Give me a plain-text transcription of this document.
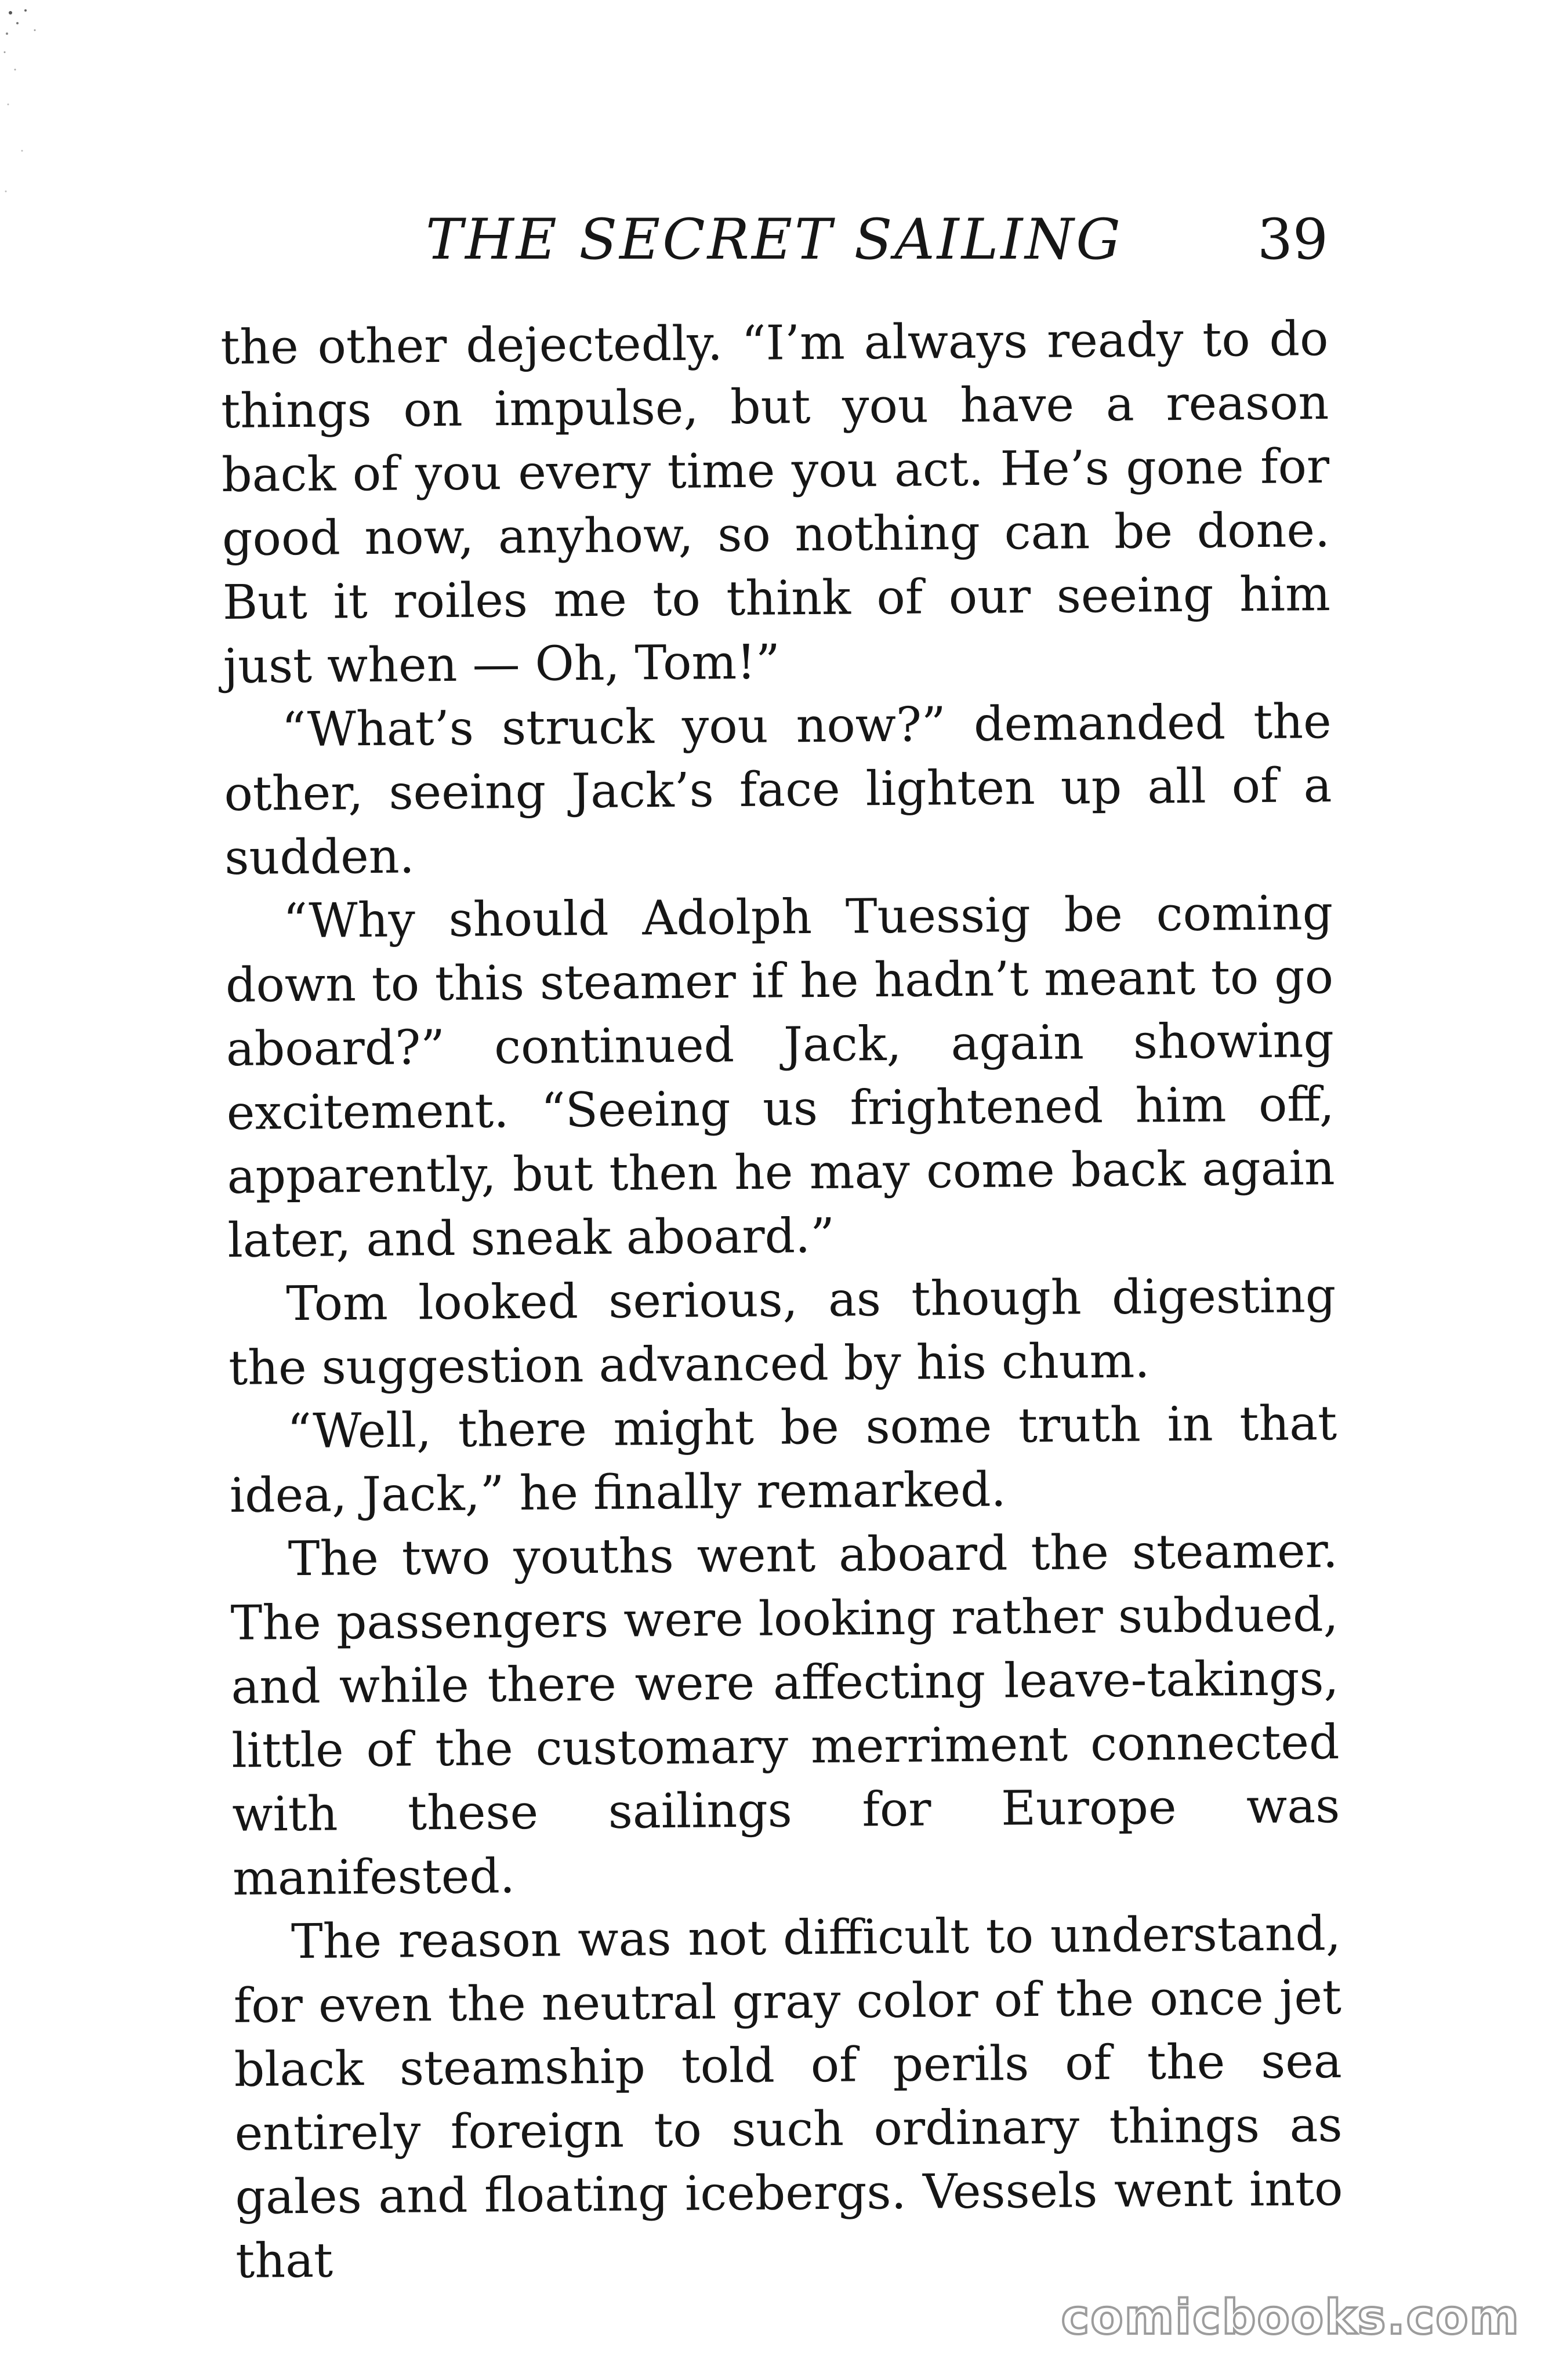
THE SECRET SAILING	39

the other dejectedly. “I’m always ready to do things on impulse, but you have a reason back of you every time you act. He’s gone for good now, anyhow, so nothing can be done. But it roiles me to think of our seeing him just when — Oh, Tom!”

“What’s struck you now?” demanded the other, seeing Jack’s face lighten up all of a sudden.

“Why should Adolph Tuessig be coming down to this steamer if he hadn’t meant to go aboard?” continued Jack, again showing excitement. “Seeing us frightened him off, apparently, but then he may come back again later, and sneak aboard.”

Tom looked serious, as though digesting the suggestion advanced by his chum.

“Well, there might be some truth in that idea, Jack,” he finally remarked.

The two youths went aboard the steamer. The passengers were looking rather subdued, and while there were affecting leave-takings, little of the customary merriment connected with these sailings for Europe was manifested.

The reason was not difficult to understand, for even the neutral gray color of the once jet black steamship told of perils of the sea entirely foreign to such ordinary things as gales and floating icebergs. Vessels went into that

comicbooks.com
